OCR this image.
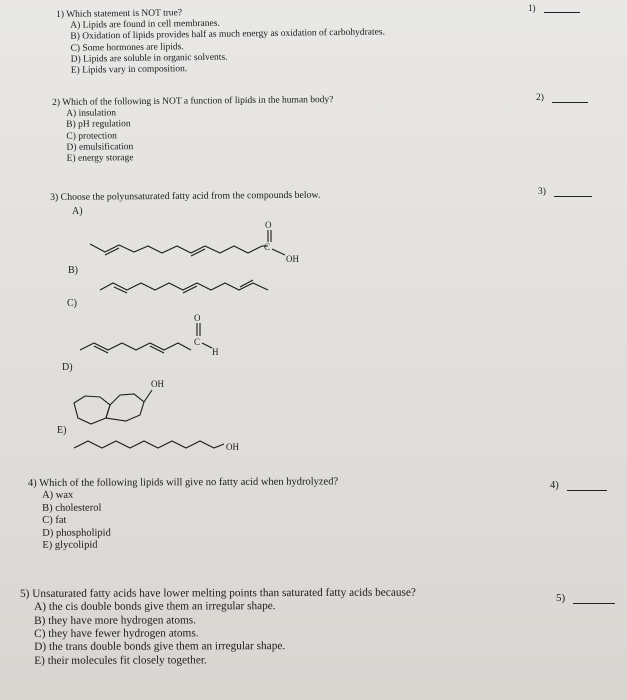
1) Which statement is NOT true?
A) Lipids are found in cell membranes.
B) Oxidation of lipids provides half as much energy as oxidation of carbohydrates.
C) Some hormones are lipids.
D) Lipids are soluble in organic solvents.
E) Lipids vary in composition.
1)
2) Which of the following is NOT a function of lipids in the human body?
A) insulation
B) pH regulation
C) protection
D) emulsification
E) energy storage
2)
3) Choose the polyunsaturated fatty acid from the compounds below.	3)
A)
B)
C)
D)
E)
O
C
OH
O
C
H
OH
OH
4) Which of the following lipids will give no fatty acid when hydrolyzed?
A) wax
B) cholesterol
C) fat
D) phospholipid
E) glycolipid
4)
5) Unsaturated fatty acids have lower melting points than saturated fatty acids because?
A) the cis double bonds give them an irregular shape.
B) they have more hydrogen atoms.
C) they have fewer hydrogen atoms.
D) the trans double bonds give them an irregular shape.
E) their molecules fit closely together.
5)
